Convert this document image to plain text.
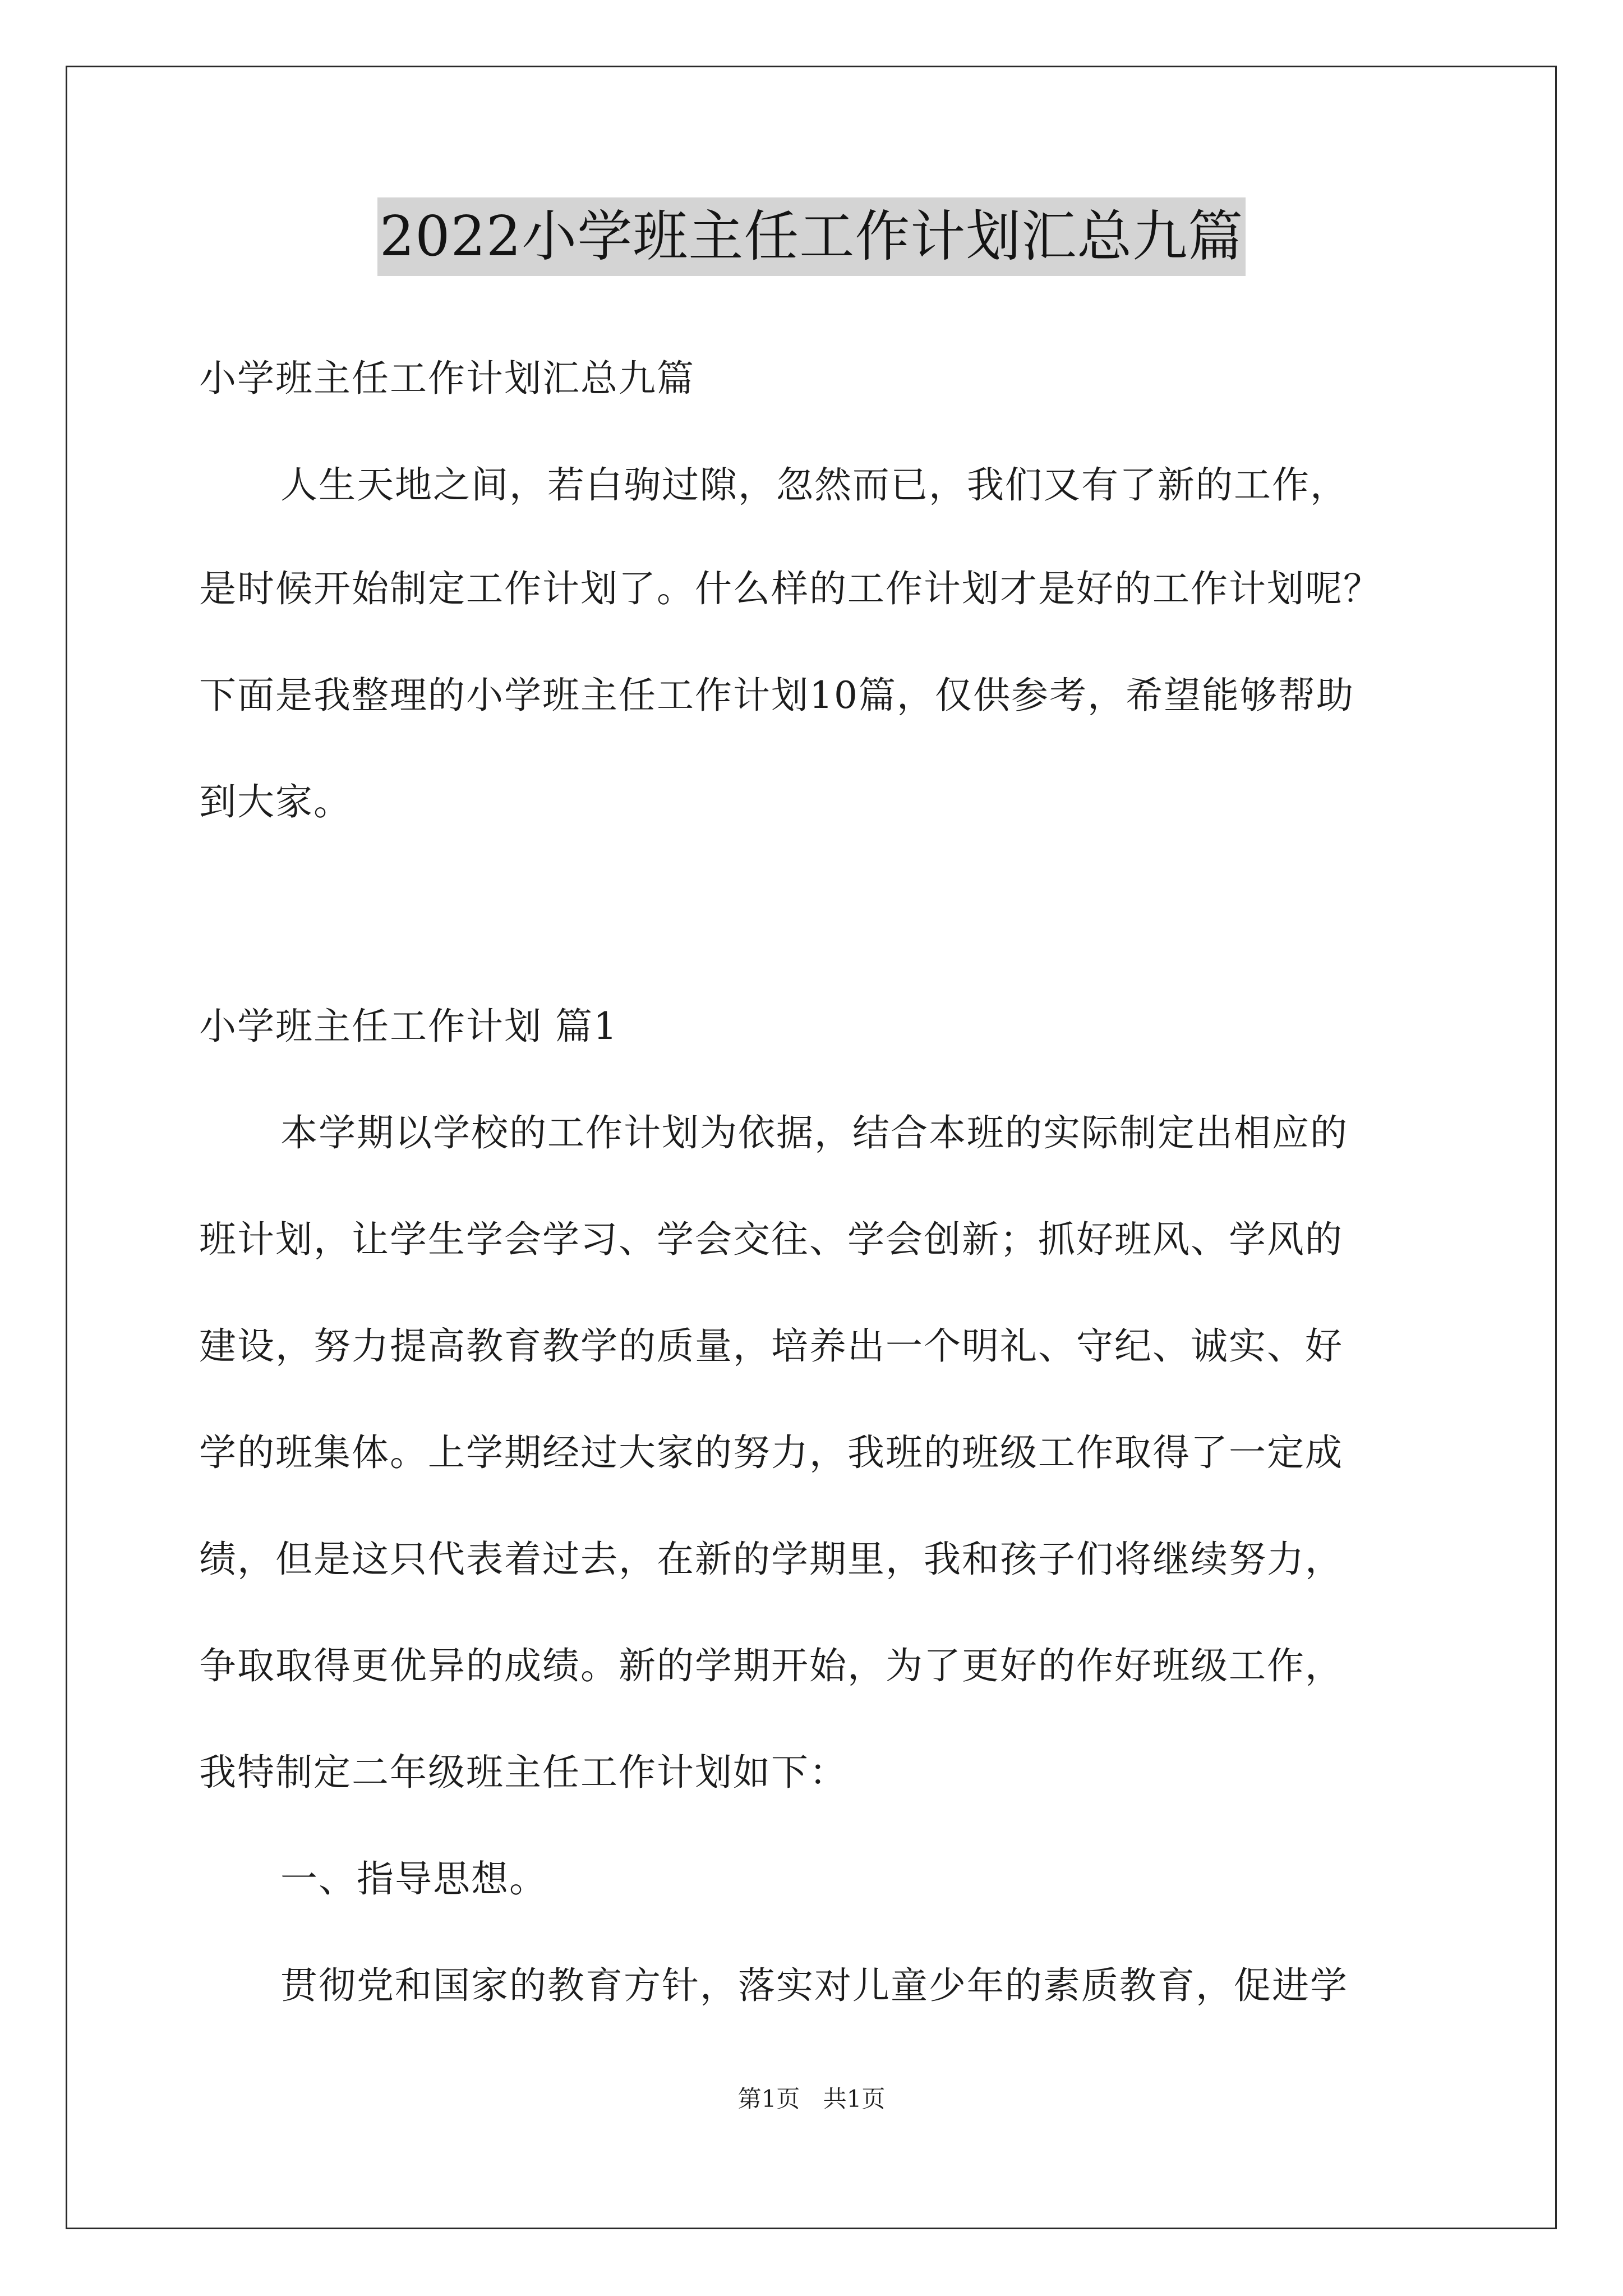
2022小学班主任工作计划汇总九篇
小学班主任工作计划汇总九篇
人生天地之间，若白驹过隙，忽然而已，我们又有了新的工作，
是时候开始制定工作计划了。什么样的工作计划才是好的工作计划呢？
下面是我整理的小学班主任工作计划10篇，仅供参考，希望能够帮助
到大家。
小学班主任工作计划 篇1
本学期以学校的工作计划为依据，结合本班的实际制定出相应的
班计划，让学生学会学习、学会交往、学会创新；抓好班风、学风的
建设，努力提高教育教学的质量，培养出一个明礼、守纪、诚实、好
学的班集体。上学期经过大家的努力，我班的班级工作取得了一定成
绩，但是这只代表着过去，在新的学期里，我和孩子们将继续努力，
争取取得更优异的成绩。新的学期开始，为了更好的作好班级工作，
我特制定二年级班主任工作计划如下：
一、指导思想。
贯彻党和国家的教育方针，落实对儿童少年的素质教育，促进学
第1页 共1页
